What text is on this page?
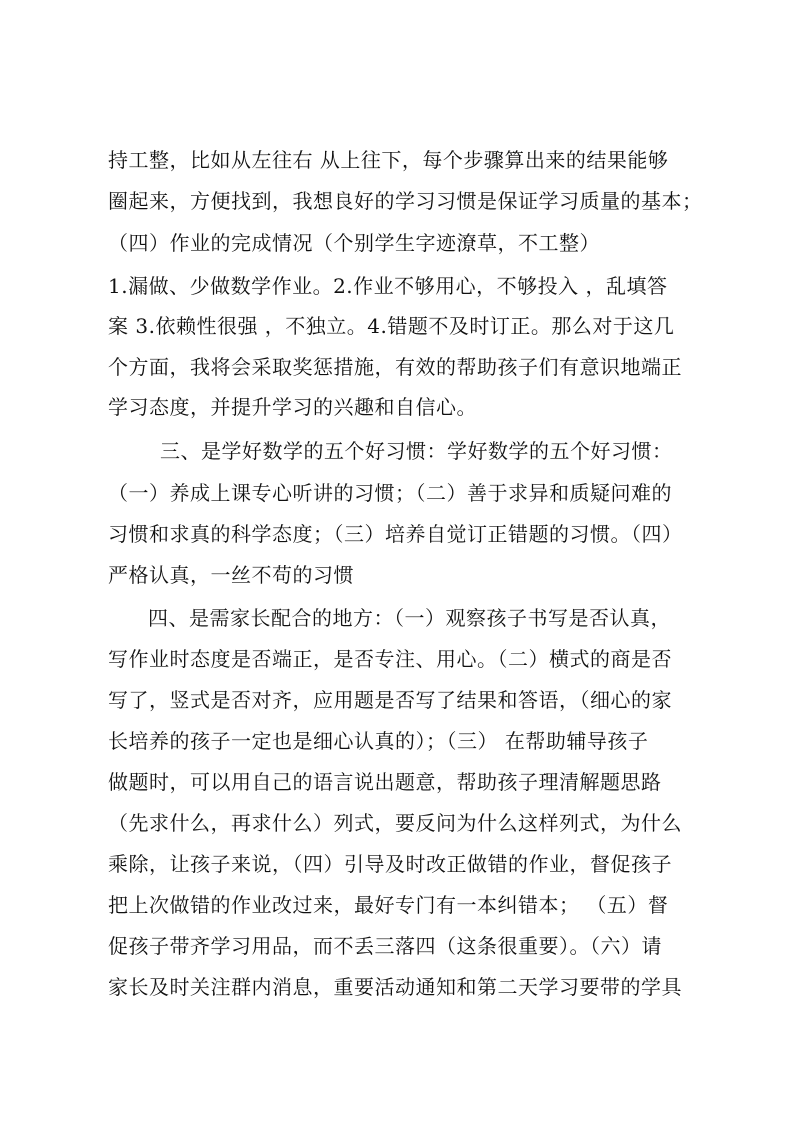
持工整，比如从左往右 从上往下，每个步骤算出来的结果能够
圈起来，方便找到，我想良好的学习习惯是保证学习质量的基本；
（四）作业的完成情况（个别学生字迹潦草，不工整）
1.漏做、少做数学作业。2.作业不够用心，不够投入 ，乱填答
案 3.依赖性很强 ，不独立。4.错题不及时订正。那么对于这几
个方面，我将会采取奖惩措施，有效的帮助孩子们有意识地端正
学习态度，并提升学习的兴趣和自信心。
三、是学好数学的五个好习惯：学好数学的五个好习惯：
（一）养成上课专心听讲的习惯；（二）善于求异和质疑问难的
习惯和求真的科学态度；（三）培养自觉订正错题的习惯。（四）
严格认真，一丝不苟的习惯
四、是需家长配合的地方：（一）观察孩子书写是否认真，
写作业时态度是否端正，是否专注、用心。（二）横式的商是否
写了，竖式是否对齐，应用题是否写了结果和答语，（细心的家
长培养的孩子一定也是细心认真的）；（三） 在帮助辅导孩子
做题时，可以用自己的语言说出题意，帮助孩子理清解题思路
（先求什么，再求什么）列式，要反问为什么这样列式，为什么
乘除，让孩子来说，（四）引导及时改正做错的作业，督促孩子
把上次做错的作业改过来，最好专门有一本纠错本； （五）督
促孩子带齐学习用品，而不丢三落四（这条很重要）。（六）请
家长及时关注群内消息，重要活动通知和第二天学习要带的学具
